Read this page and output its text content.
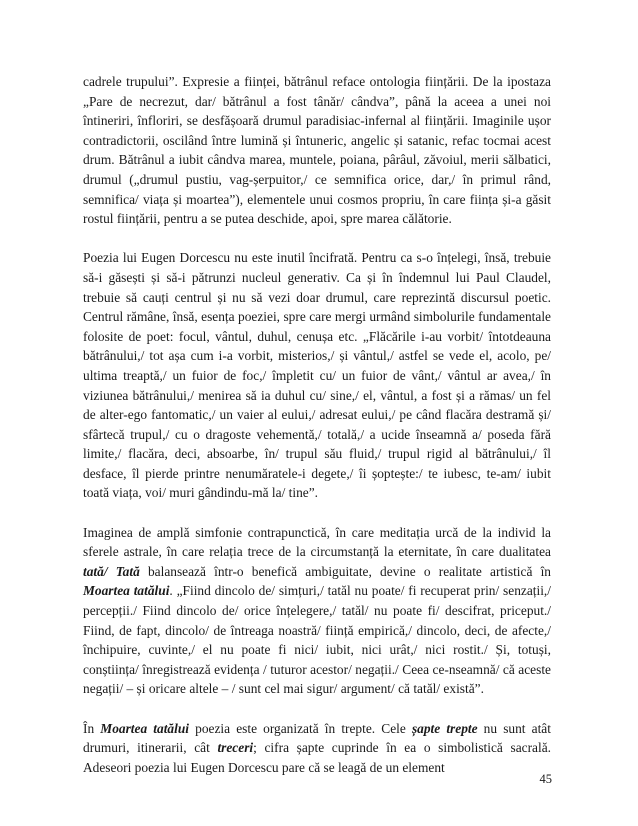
cadrele trupului”. Expresie a ființei, bătrânul reface ontologia ființării. De la ipostaza „Pare de necrezut, dar/ bătrânul a fost tânăr/ cândva”, până la aceea a unei noi întineriri, înfloriri, se desfășoară drumul paradisiac-infernal al ființării. Imaginile ușor contradictorii, oscilând între lumină și întuneric, angelic și satanic, refac tocmai acest drum. Bătrânul a iubit cândva marea, muntele, poiana, pârâul, zăvoiul, merii sălbatici, drumul („drumul pustiu, vag-șerpuitor,/ ce semnifica orice, dar,/ în primul rând, semnifica/ viața și moartea”), elementele unui cosmos propriu, în care ființa și-a găsit rostul ființării, pentru a se putea deschide, apoi, spre marea călătorie.

Poezia lui Eugen Dorcescu nu este inutil încifrată. Pentru ca s-o înțelegi, însă, trebuie să-i găsești și să-i pătrunzi nucleul generativ. Ca și în îndemnul lui Paul Claudel, trebuie să cauți centrul și nu să vezi doar drumul, care reprezintă discursul poetic. Centrul rămâne, însă, esența poeziei, spre care mergi urmând simbolurile fundamentale folosite de poet: focul, vântul, duhul, cenușa etc. „Flăcările i-au vorbit/ întotdeauna bătrânului,/ tot așa cum i-a vorbit, misterios,/ și vântul,/ astfel se vede el, acolo, pe/ ultima treaptă,/ un fuior de foc,/ împletit cu/ un fuior de vânt,/ vântul ar avea,/ în viziunea bătrânului,/ menirea să ia duhul cu/ sine,/ el, vântul, a fost și a rămas/ un fel de alter-ego fantomatic,/ un vaier al eului,/ adresat eului,/ pe când flacăra destramă și/ sfârtecă trupul,/ cu o dragoste vehementă,/ totală,/ a ucide înseamnă a/ poseda fără limite,/ flacăra, deci, absoarbe, în/ trupul său fluid,/ trupul rigid al bătrânului,/ îl desface, îl pierde printre nenumăratele-i degete,/ îi șoptește:/ te iubesc, te-am/ iubit toată viața, voi/ muri gândindu-mă la/ tine”.

Imaginea de amplă simfonie contrapunctică, în care meditația urcă de la individ la sferele astrale, în care relația trece de la circumstanță la eternitate, în care dualitatea tată/ Tată balansează într-o benefică ambiguitate, devine o realitate artistică în Moartea tatălui. „Fiind dincolo de/ simțuri,/ tatăl nu poate/ fi recuperat prin/ senzații,/ percepții./ Fiind dincolo de/ orice înțelegere,/ tatăl/ nu poate fi/ descifrat, priceput./ Fiind, de fapt, dincolo/ de întreaga noastră/ ființă empirică,/ dincolo, deci, de afecte,/ închipuire, cuvinte,/ el nu poate fi nici/ iubit, nici urât,/ nici rostit./ Și, totuși, conștiința/ înregistrează evidența / tuturor acestor/ negații./ Ceea ce-nseamnă/ că aceste negații/ – și oricare altele – / sunt cel mai sigur/ argument/ că tatăl/ există”.

În Moartea tatălui poezia este organizată în trepte. Cele șapte trepte nu sunt atât drumuri, itinerarii, cât treceri; cifra șapte cuprinde în ea o simbolistică sacrală. Adeseori poezia lui Eugen Dorcescu pare că se leagă de un element

45
